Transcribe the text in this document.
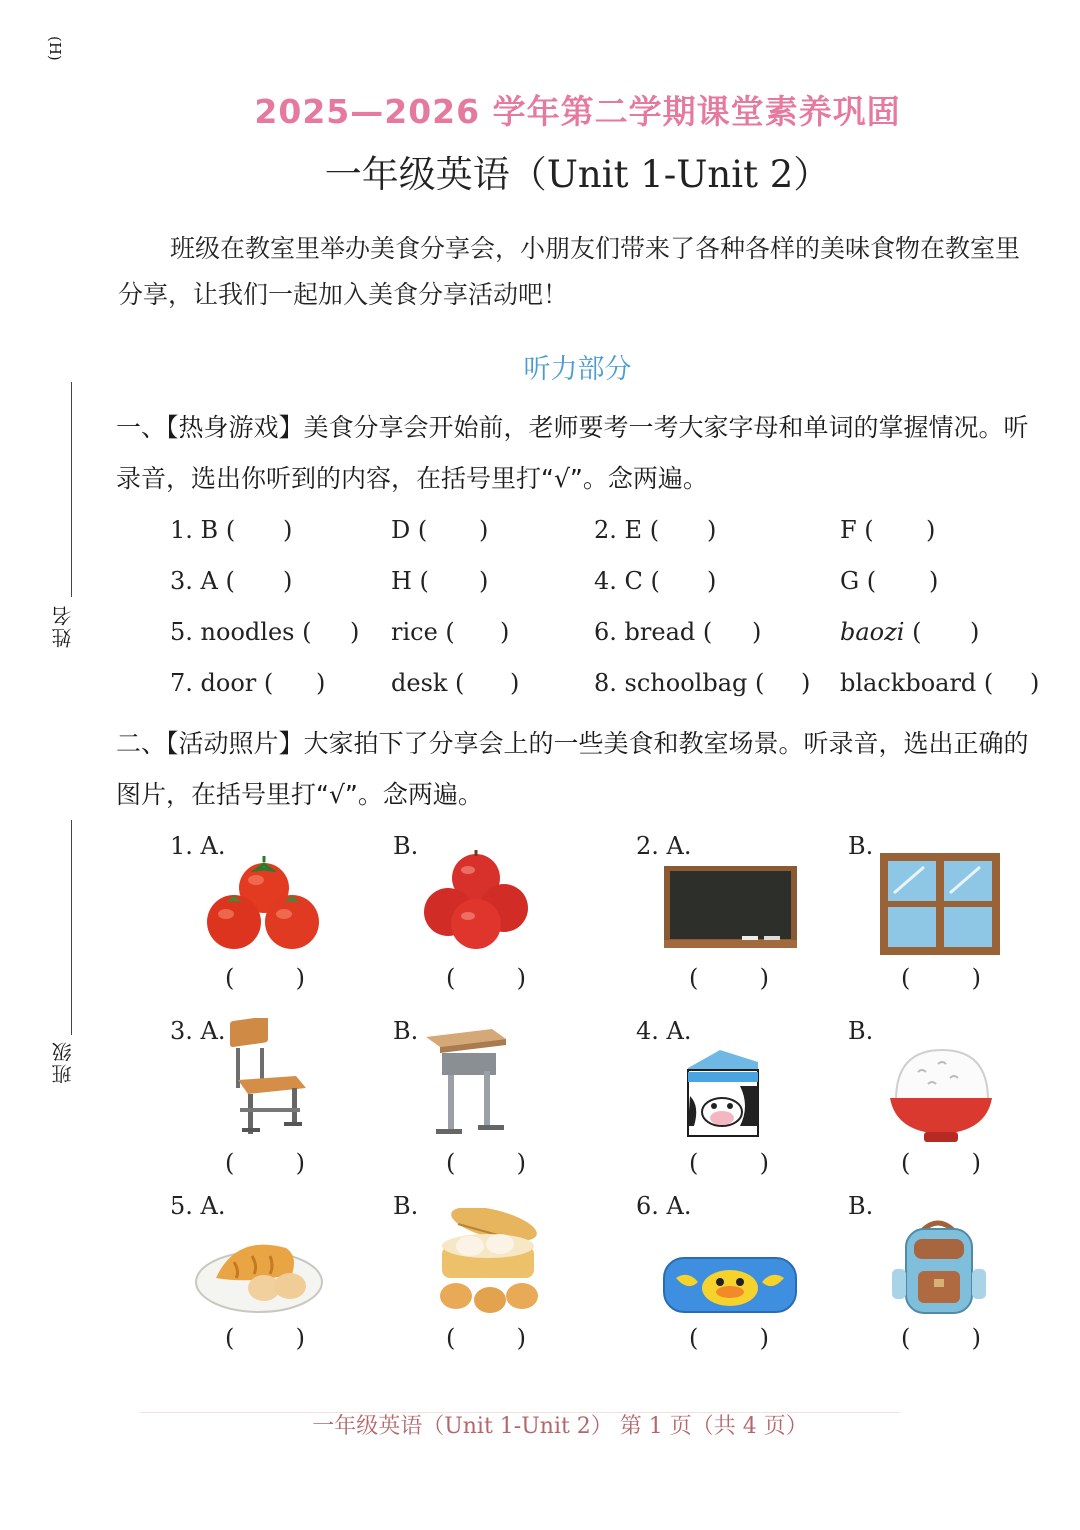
(H)
姓名
班级
2025—2026 学年第二学期课堂素养巩固
一年级英语（Unit 1-Unit 2）
班级在教室里举办美食分享会，小朋友们带来了各种各样的美味食物在教室里分享，让我们一起加入美食分享活动吧！
听力部分
一、【热身游戏】美食分享会开始前，老师要考一考大家字母和单词的掌握情况。听录音，选出你听到的内容，在括号里打“√”。念两遍。
1. B ( )	D ( )	2. E ( )	F ( )
3. A ( )	H ( )	4. C ( )	G ( )
5. noodles ( ) rice ( )	6. bread ( )	baozi ( )
7. door ( )	desk ( )	8. schoolbag ( ) blackboard ( )
二、【活动照片】大家拍下了分享会上的一些美食和教室场景。听录音，选出正确的图片，在括号里打“√”。念两遍。
1. A.	B.	2. A.	B.
(	)	(	)	(	)	(	)
3. A.	B.	4. A.	B.
(	)	(	)	(	)	(	)
5. A.	B.	6. A.	B.
(	)	(	)	(	)	(	)
一年级英语（Unit 1-Unit 2） 第 1 页（共 4 页）
